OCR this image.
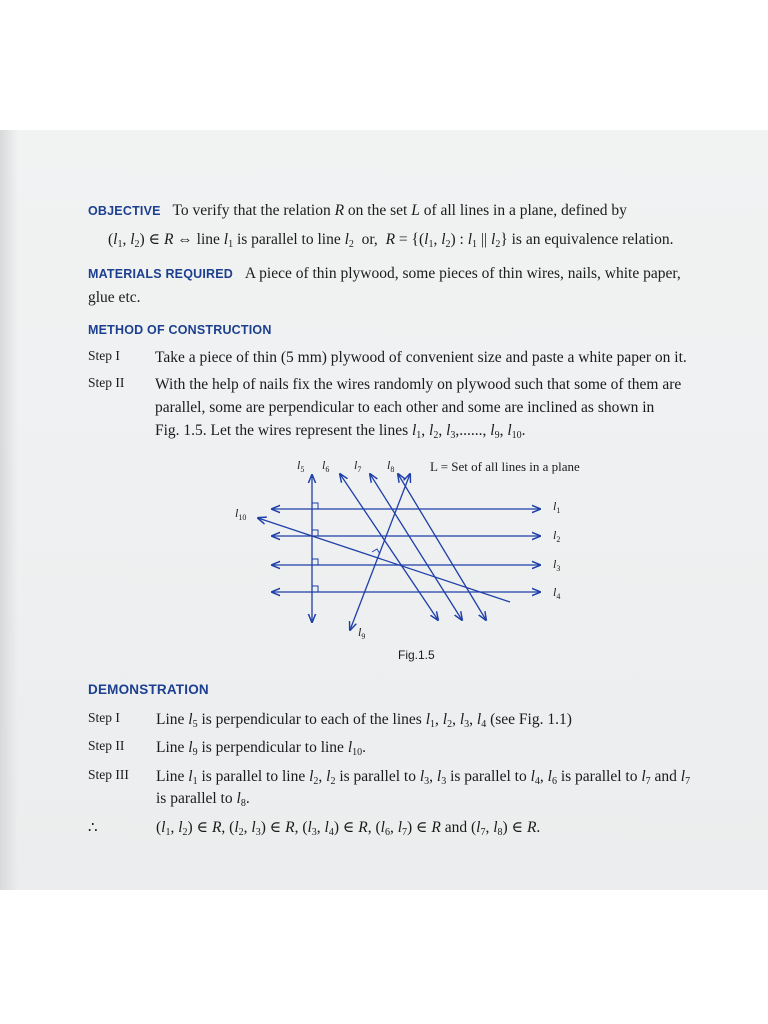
OBJECTIVE To verify that the relation R on the set L of all lines in a plane, defined by
($l_1$, $l_2$) ∈ R ⇔ line $l_1$ is parallel to line $l_2$  or,  $R = \{(l_1$, $l_2$) : $l_1$ || $l_2$} is an equivalence relation.
MATERIALS REQUIRED A piece of thin plywood, some pieces of thin wires, nails, white paper,
glue etc.
METHOD OF CONSTRUCTION
Step I Take a piece of thin (5 mm) plywood of convenient size and paste a white paper on it.
Step II With the help of nails fix the wires randomly on plywood such that some of them are
parallel, some are perpendicular to each other and some are inclined as shown in
Fig. 1.5. Let the wires represent the lines $l_1$, $l_2$, $l_3$,......, $l_9$, $l_{10}$.
$l_5$ $l_6$ $l_7$ $l_8$
$l_{10}$
$l_1$
$l_2$
$l_3$
$l_4$
$l_9$
L = Set of all lines in a plane
Fig.1.5
DEMONSTRATION
Step I Line $l_5$ is perpendicular to each of the lines $l_1$, $l_2$, $l_3$, $l_4$ (see Fig. 1.1)
Step II Line $l_9$ is perpendicular to line $l_{10}$.
Step III Line $l_1$ is parallel to line $l_2$, $l_2$ is parallel to $l_3$, $l_3$ is parallel to $l_4$, $l_6$ is parallel to $l_7$ and $l_7$
is parallel to $l_8$.
∴	($l_1$, $l_2$) ∈ R, ($l_2$, $l_3$) ∈ R, ($l_3$, $l_4$) ∈ R, ($l_6$, $l_7$) ∈ R and ($l_7$, $l_8$) ∈ R.
